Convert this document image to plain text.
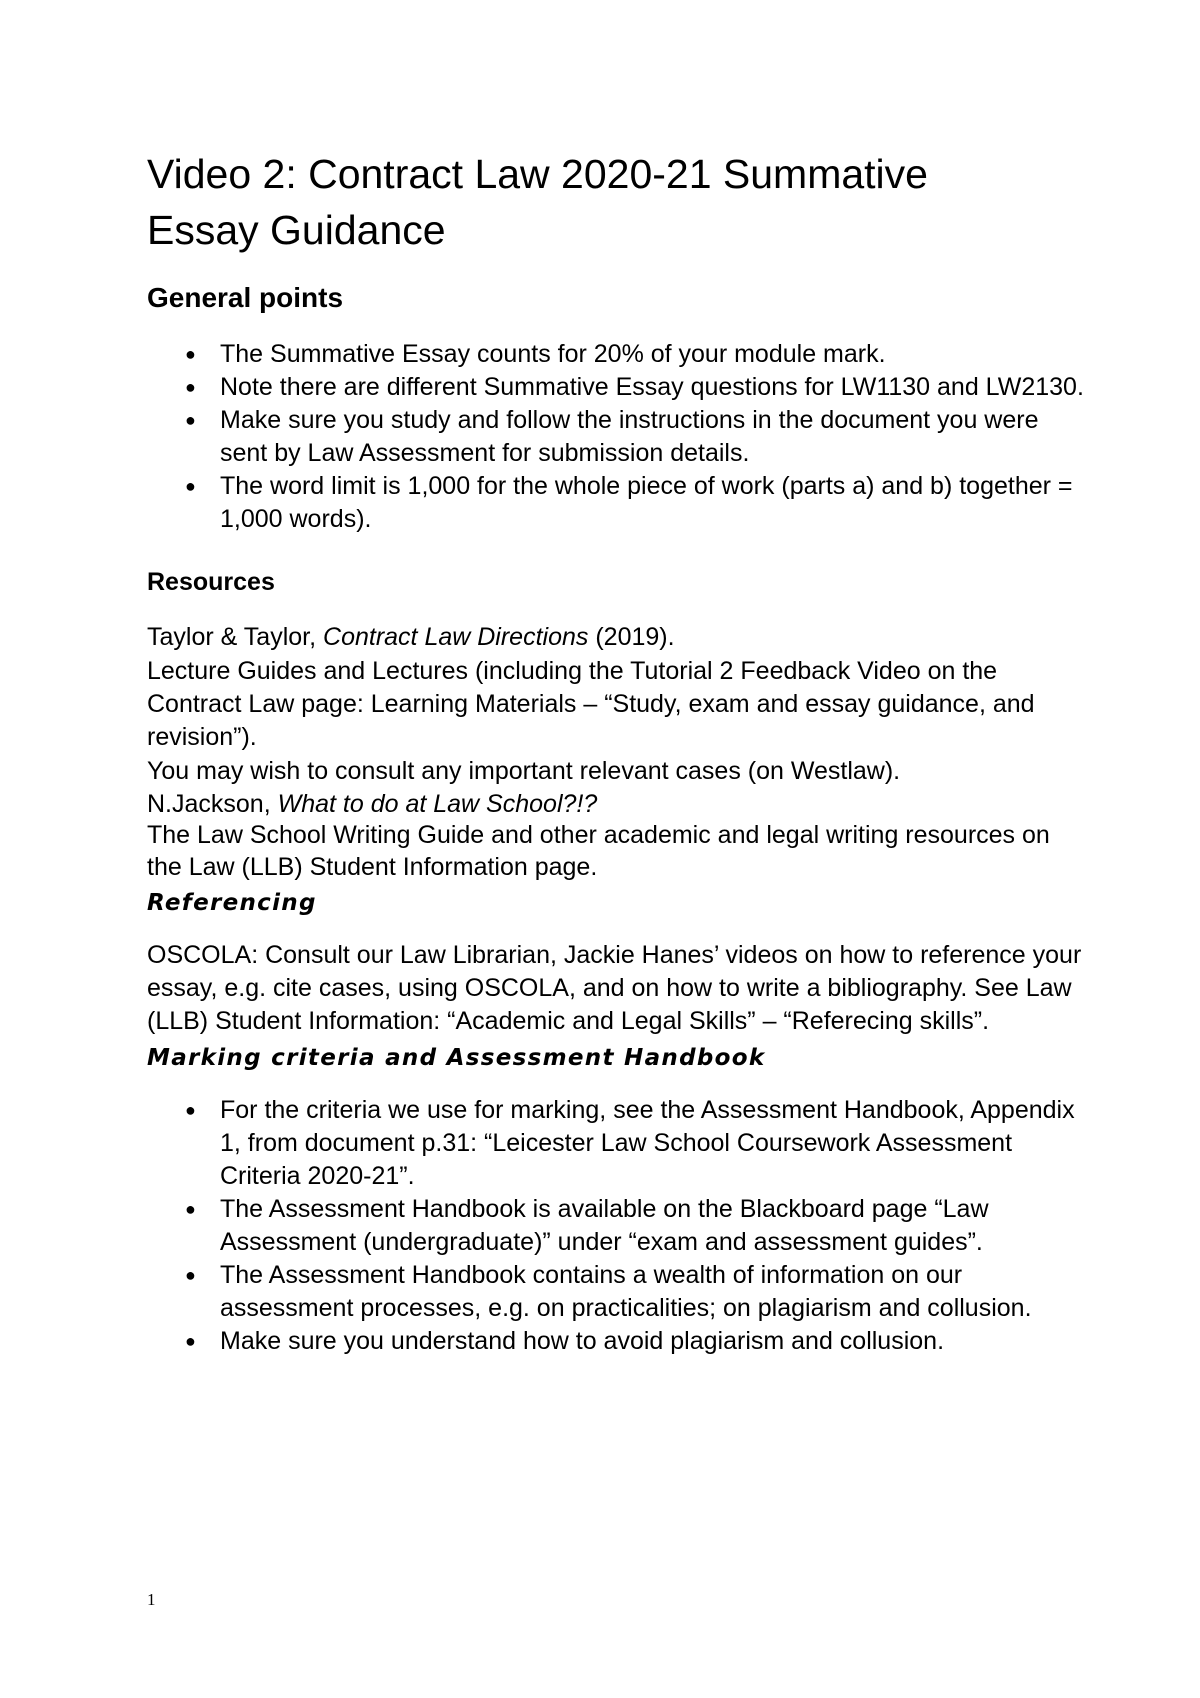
Video 2: Contract Law 2020-21 Summative
Essay Guidance
General points
● The Summative Essay counts for 20% of your module mark.
● Note there are different Summative Essay questions for LW1130 and LW2130.
● Make sure you study and follow the instructions in the document you were sent by Law Assessment for submission details.
● The word limit is 1,000 for the whole piece of work (parts a) and b) together = 1,000 words).
Resources

Taylor & Taylor, Contract Law Directions (2019).

Lecture Guides and Lectures (including the Tutorial 2 Feedback Video on the Contract Law page: Learning Materials – “Study, exam and essay guidance, and revision”).

You may wish to consult any important relevant cases (on Westlaw).

N.Jackson, What to do at Law School?!?

The Law School Writing Guide and other academic and legal writing resources on the Law (LLB) Student Information page.

Referencing

OSCOLA: Consult our Law Librarian, Jackie Hanes’ videos on how to reference your essay, e.g. cite cases, using OSCOLA, and on how to write a bibliography. See Law (LLB) Student Information: “Academic and Legal Skills” – “Referecing skills”.

Marking criteria and Assessment Handbook
● For the criteria we use for marking, see the Assessment Handbook, Appendix 1, from document p.31: “Leicester Law School Coursework Assessment Criteria 2020-21”.
● The Assessment Handbook is available on the Blackboard page “Law Assessment (undergraduate)” under “exam and assessment guides”.
● The Assessment Handbook contains a wealth of information on our assessment processes, e.g. on practicalities; on plagiarism and collusion.
● Make sure you understand how to avoid plagiarism and collusion.
1
